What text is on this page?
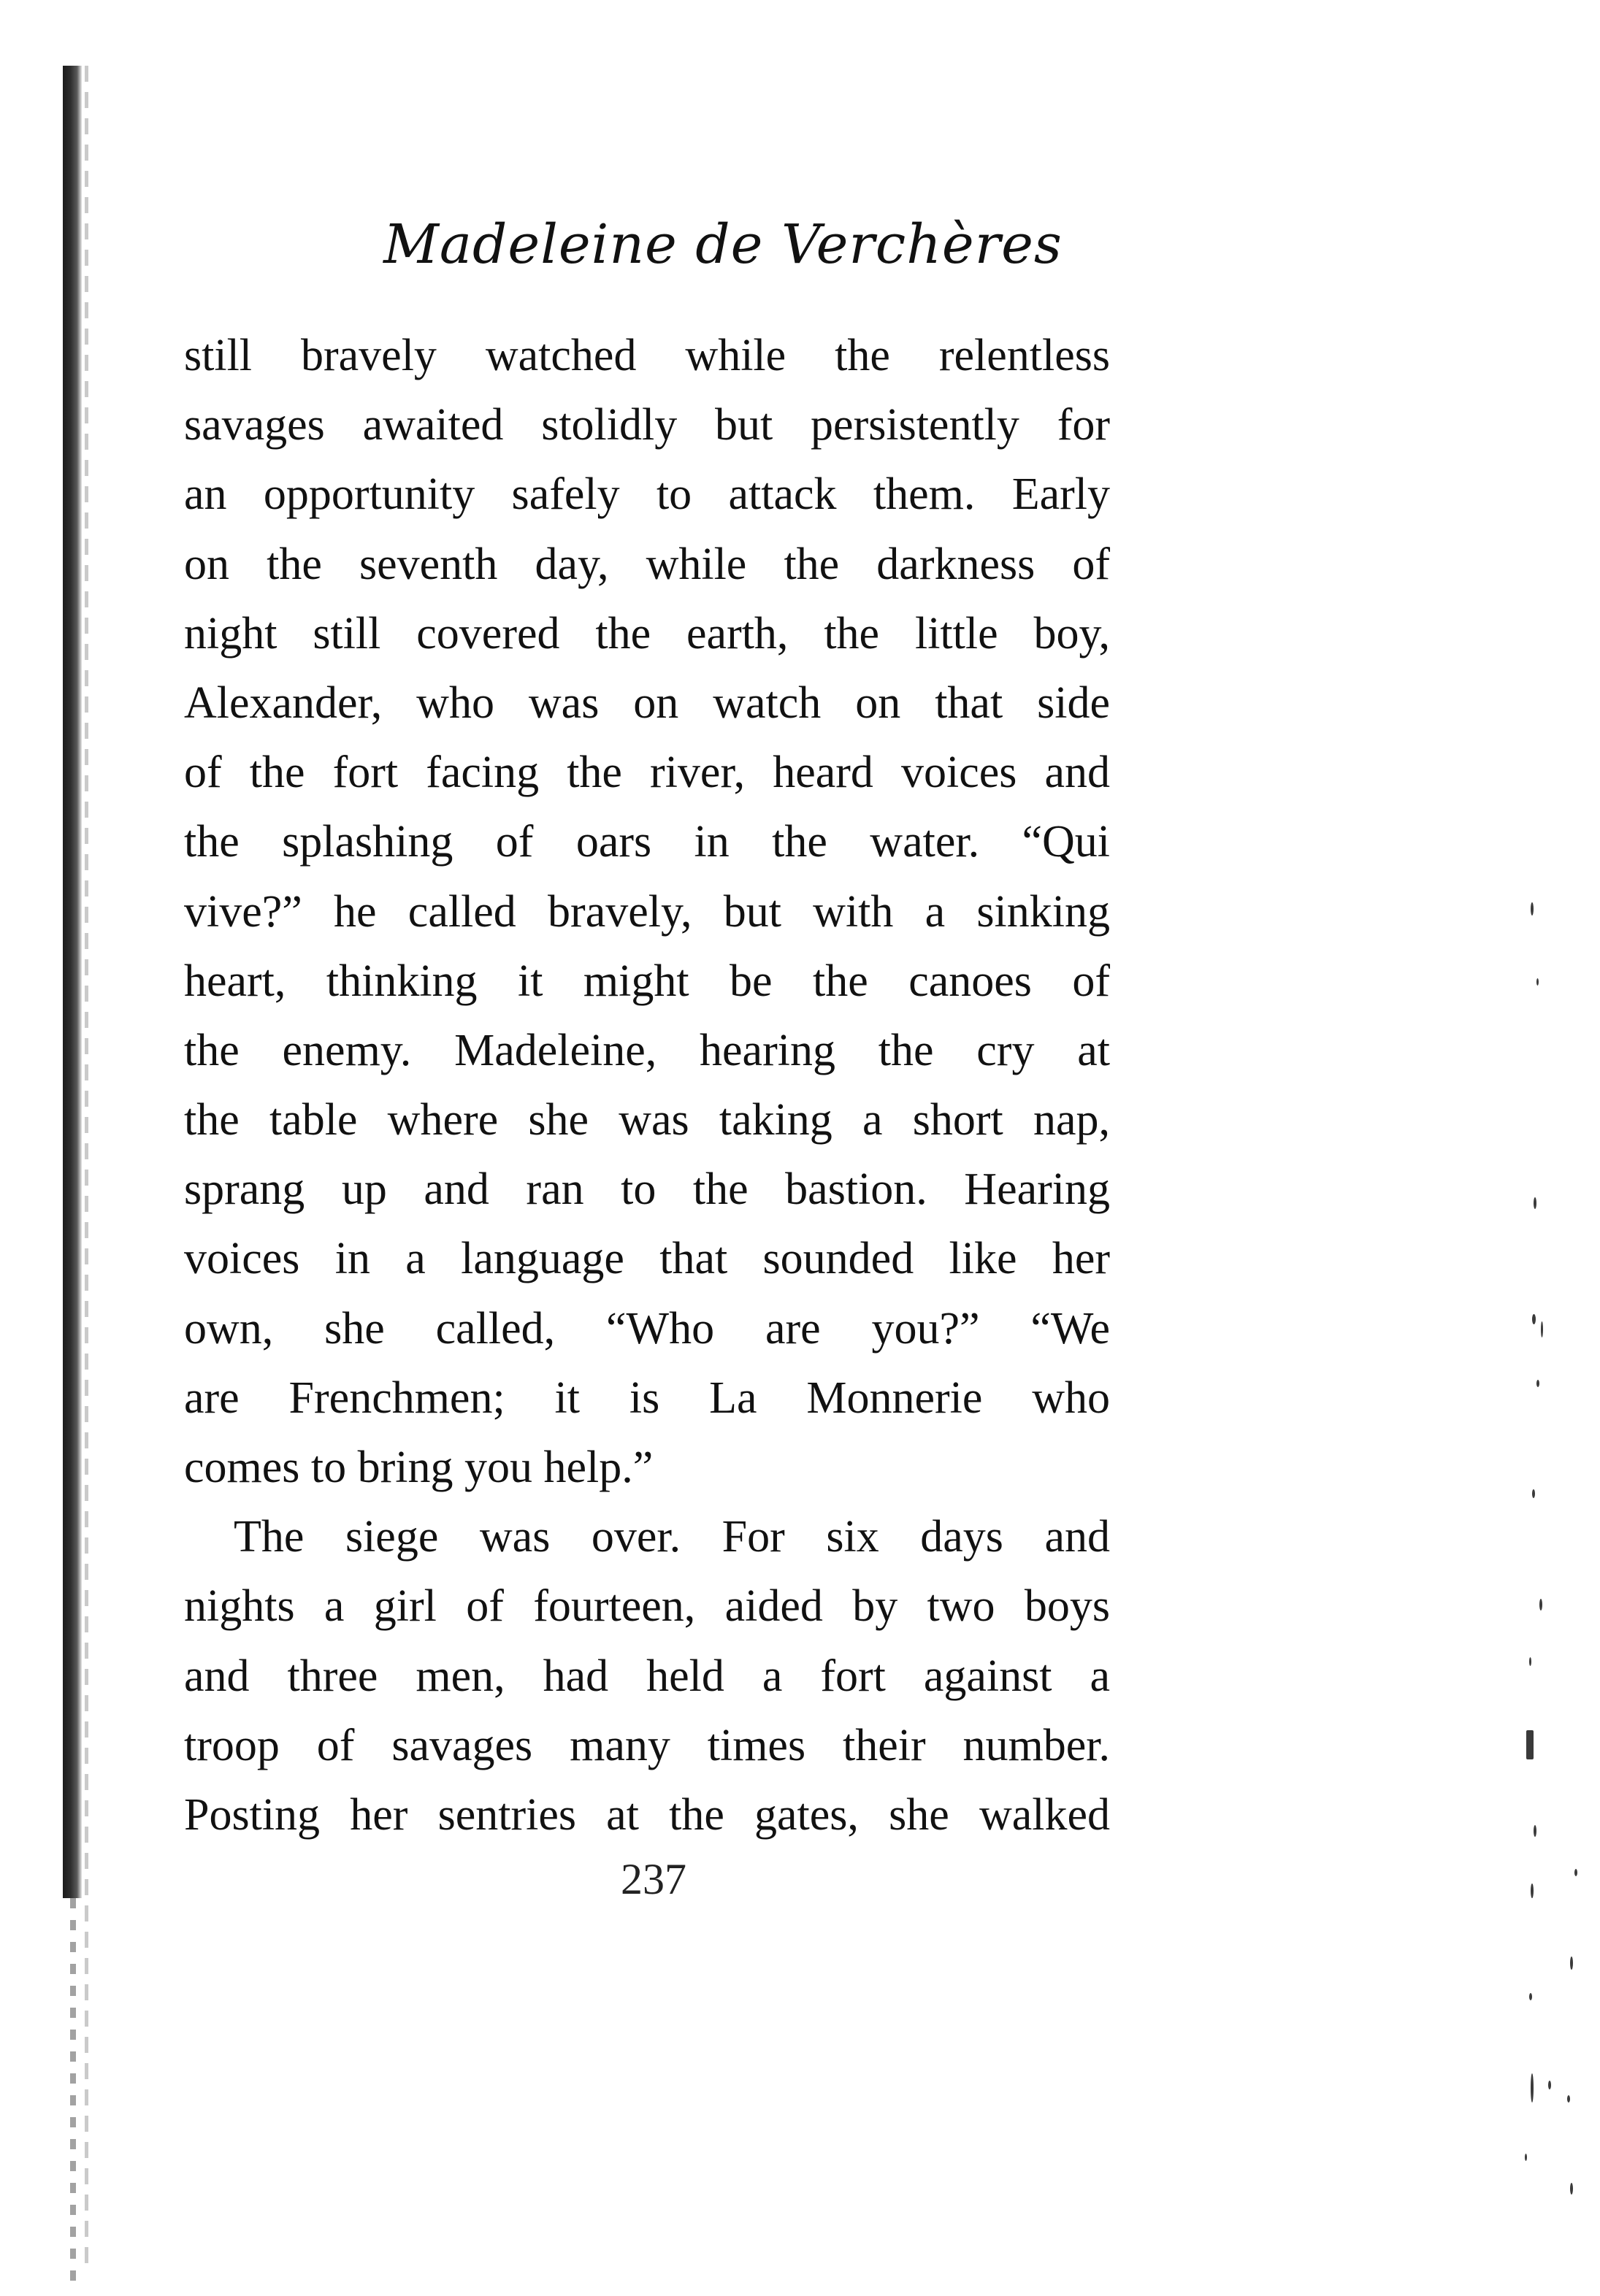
Madeleine de Verchères
still bravely watched while the relentless
savages awaited stolidly but persistently for
an opportunity safely to attack them. Early
on the seventh day, while the darkness of
night still covered the earth, the little boy,
Alexander, who was on watch on that side
of the fort facing the river, heard voices and
the splashing of oars in the water. “Qui
vive?” he called bravely, but with a sinking
heart, thinking it might be the canoes of
the enemy. Madeleine, hearing the cry at
the table where she was taking a short nap,
sprang up and ran to the bastion. Hearing
voices in a language that sounded like her
own, she called, “Who are you?” “We
are Frenchmen; it is La Monnerie who
comes to bring you help.”
The siege was over. For six days and
nights a girl of fourteen, aided by two boys
and three men, had held a fort against a
troop of savages many times their number.
Posting her sentries at the gates, she walked
237
